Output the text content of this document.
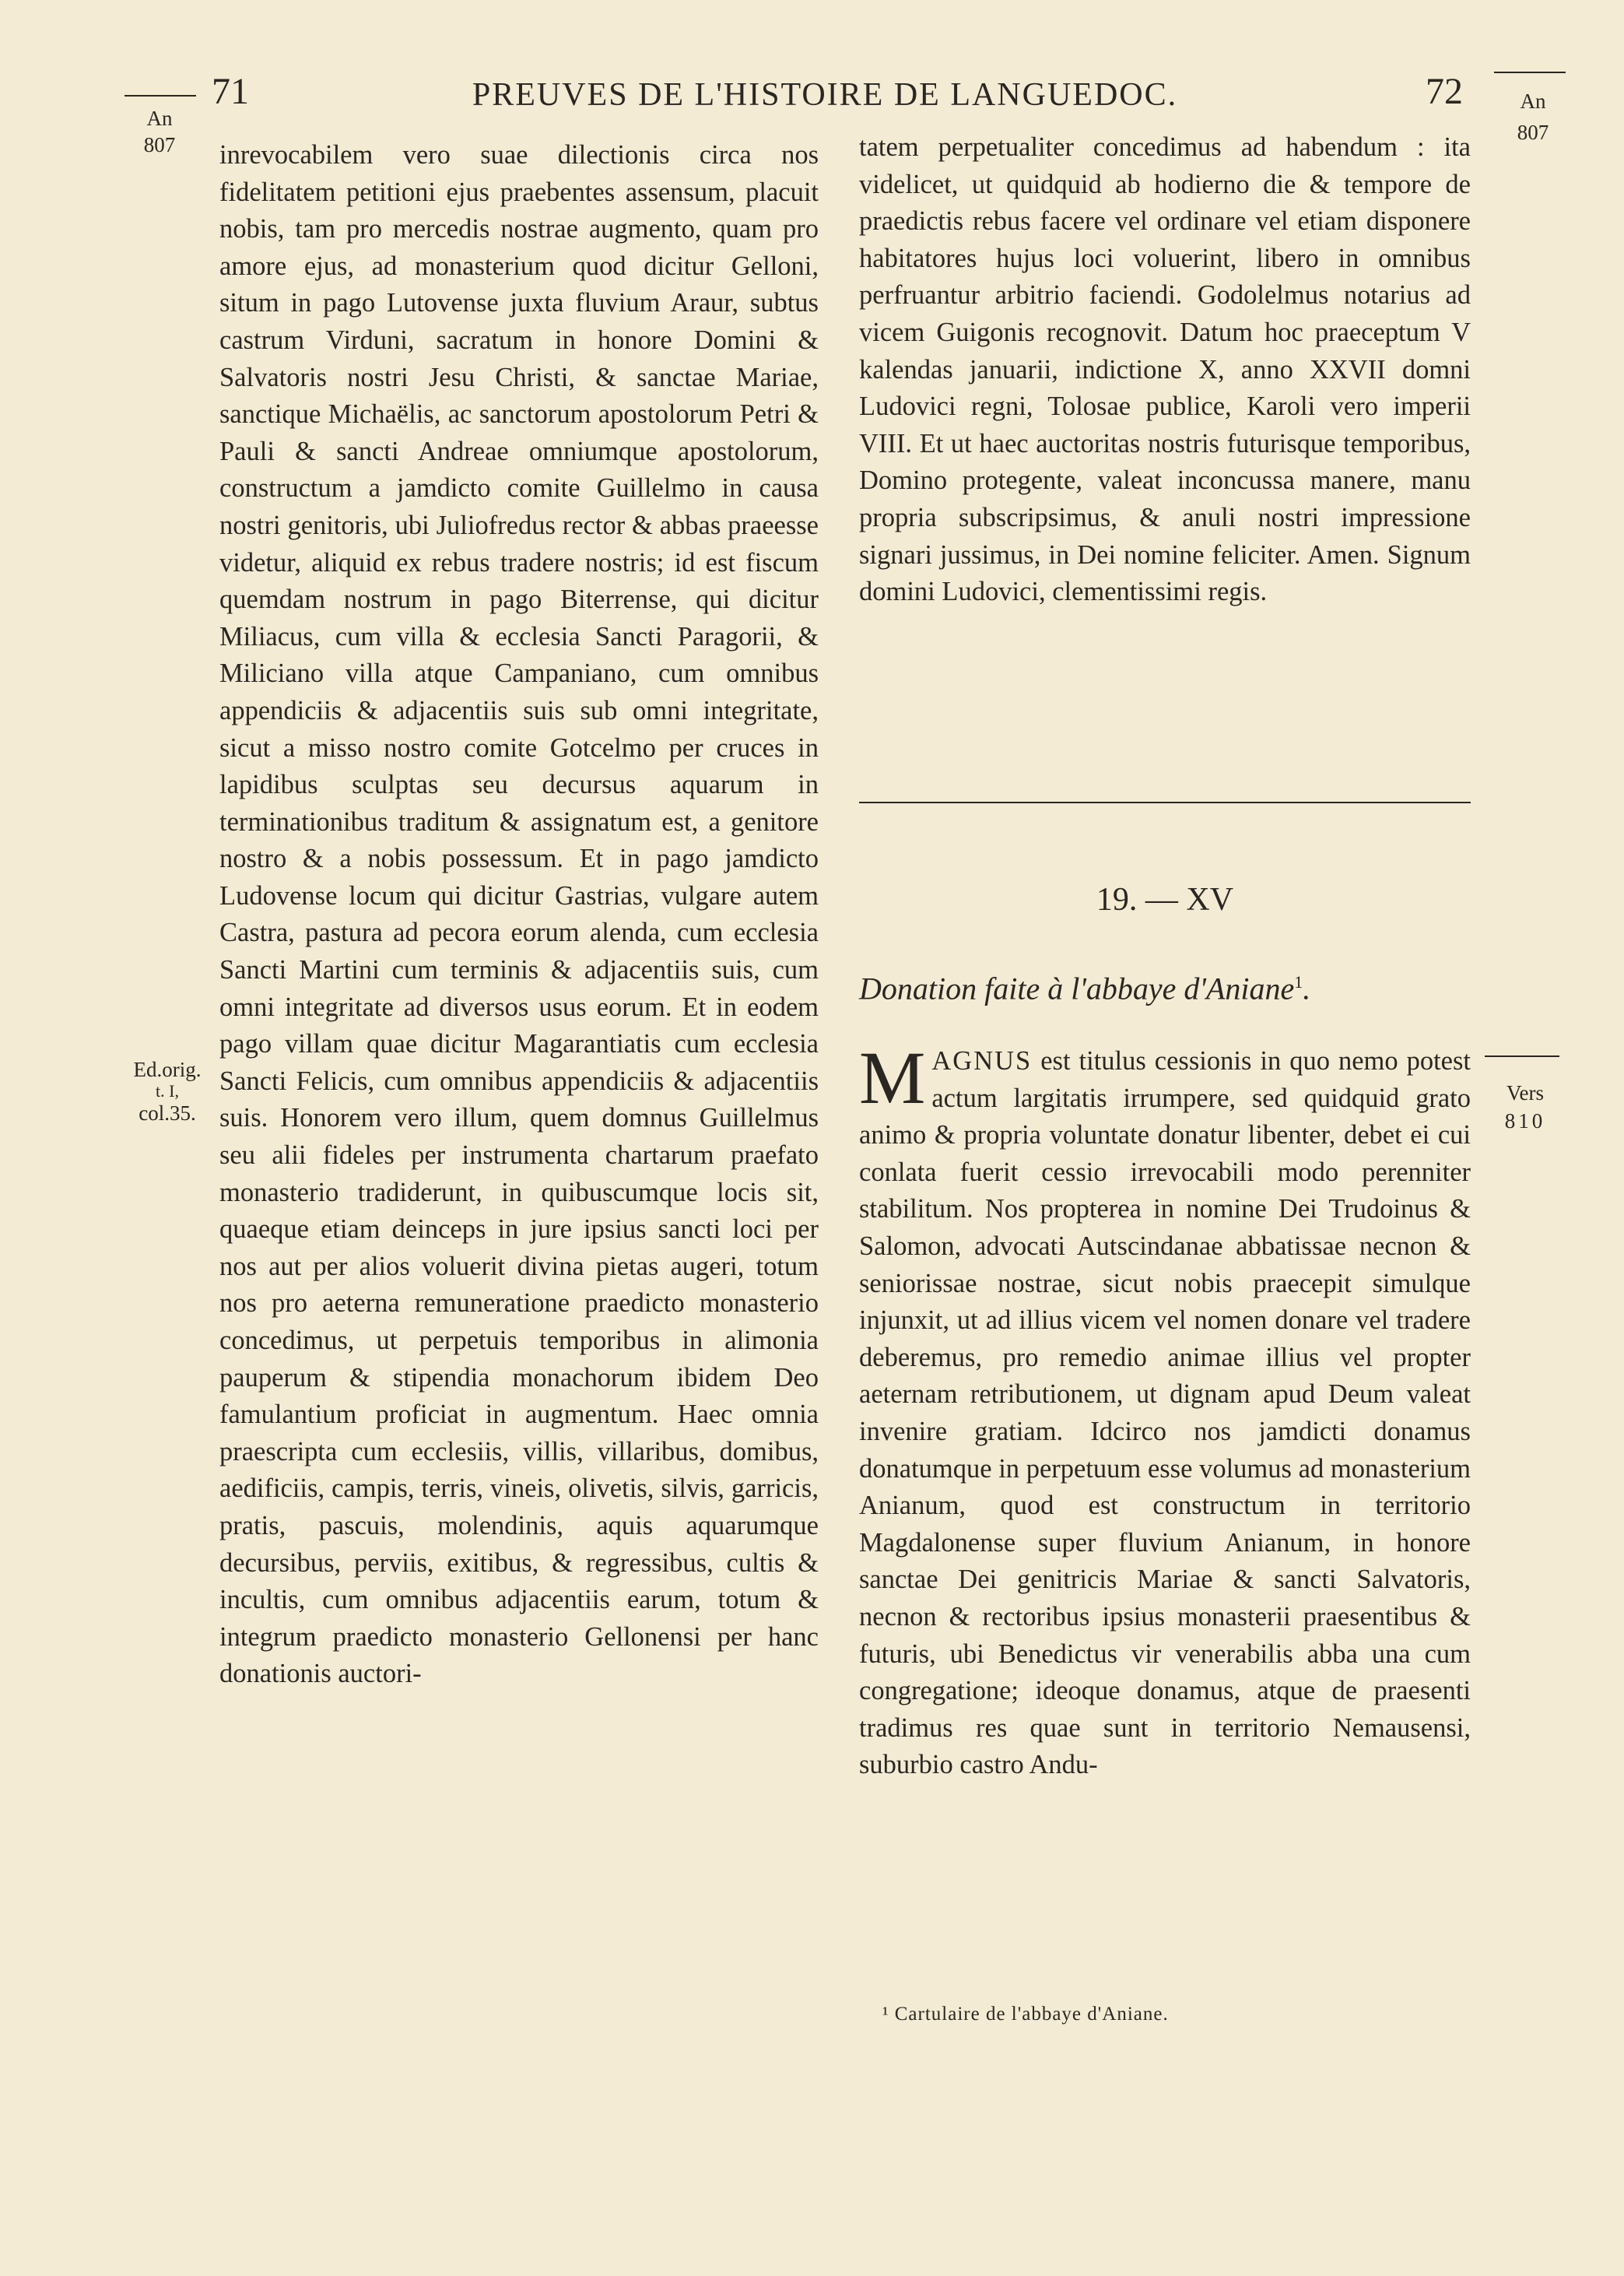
71	PREUVES DE L'HISTOIRE DE LANGUEDOC.	72
An
807
Ed.orig.
t. I,
col.35.
An
807
Vers
810

inrevocabilem vero suae dilectionis circa nos fidelitatem petitioni ejus praebentes assensum, placuit nobis, tam pro mercedis nostrae augmento, quam pro amore ejus, ad monasterium quod dicitur Gelloni, situm in pago Lutovense juxta fluvium Araur, subtus castrum Virduni, sacratum in honore Domini & Salvatoris nostri Jesu Christi, & sanctae Mariae, sanctique Michaëlis, ac sanctorum apostolorum Petri & Pauli & sancti Andreae omniumque apostolorum, constructum a jamdicto comite Guillelmo in causa nostri genitoris, ubi Juliofredus rector & abbas praeesse videtur, aliquid ex rebus tradere nostris; id est fiscum quemdam nostrum in pago Biterrense, qui dicitur Miliacus, cum villa & ecclesia Sancti Paragorii, & Miliciano villa atque Campaniano, cum omnibus appendiciis & adjacentiis suis sub omni integritate, sicut a misso nostro comite Gotcelmo per cruces in lapidibus sculptas seu decursus aquarum in terminationibus traditum & assignatum est, a genitore nostro & a nobis possessum. Et in pago jamdicto Ludovense locum qui dicitur Gastrias, vulgare autem Castra, pastura ad pecora eorum alenda, cum ecclesia Sancti Martini cum terminis & adjacentiis suis, cum omni integritate ad diversos usus eorum. Et in eodem pago villam quae dicitur Magarantiatis cum ecclesia Sancti Felicis, cum omnibus appendiciis & adjacentiis suis. Honorem vero illum, quem domnus Guillelmus seu alii fideles per instrumenta chartarum praefato monasterio tradiderunt, in quibuscumque locis sit, quaeque etiam deinceps in jure ipsius sancti loci per nos aut per alios voluerit divina pietas augeri, totum nos pro aeterna remuneratione praedicto monasterio concedimus, ut perpetuis temporibus in alimonia pauperum & stipendia monachorum ibidem Deo famulantium proficiat in augmentum. Haec omnia praescripta cum ecclesiis, villis, villaribus, domibus, aedificiis, campis, terris, vineis, olivetis, silvis, garricis, pratis, pascuis, molendinis, aquis aquarumque decursibus, perviis, exitibus, & regressibus, cultis & incultis, cum omnibus adjacentiis earum, totum & integrum praedicto monasterio Gellonensi per hanc donationis auctori-

tatem perpetualiter concedimus ad habendum : ita videlicet, ut quidquid ab hodierno die & tempore de praedictis rebus facere vel ordinare vel etiam disponere habitatores hujus loci voluerint, libero in omnibus perfruantur arbitrio faciendi. Godolelmus notarius ad vicem Guigonis recognovit. Datum hoc praeceptum V kalendas januarii, indictione X, anno XXVII domni Ludovici regni, Tolosae publice, Karoli vero imperii VIII. Et ut haec auctoritas nostris futurisque temporibus, Domino protegente, valeat inconcussa manere, manu propria subscripsimus, & anuli nostri impressione signari jussimus, in Dei nomine feliciter. Amen. Signum domini Ludovici, clementissimi regis.

19. — XV
Donation faite à l'abbaye d'Aniane$^1$.
M AGNUS est titulus cessionis in quo nemo potest actum largitatis irrumpere, sed quidquid grato animo & propria voluntate donatur libenter, debet ei cui conlata fuerit cessio irrevocabili modo perenniter stabilitum. Nos propterea in nomine Dei Trudoinus & Salomon, advocati Autscindanae abbatissae necnon & seniorissae nostrae, sicut nobis praecepit simulque injunxit, ut ad illius vicem vel nomen donare vel tradere deberemus, pro remedio animae illius vel propter aeternam retributionem, ut dignam apud Deum valeat invenire gratiam. Idcirco nos jamdicti donamus donatumque in perpetuum esse volumus ad monasterium Anianum, quod est constructum in territorio Magdalonense super fluvium Anianum, in honore sanctae Dei genitricis Mariae & sancti Salvatoris, necnon & rectoribus ipsius monasterii praesentibus & futuris, ubi Benedictus vir venerabilis abba una cum congregatione; ideoque donamus, atque de praesenti tradimus res quae sunt in territorio Nemausensi, suburbio castro Andu-
¹ Cartulaire de l'abbaye d'Aniane.
